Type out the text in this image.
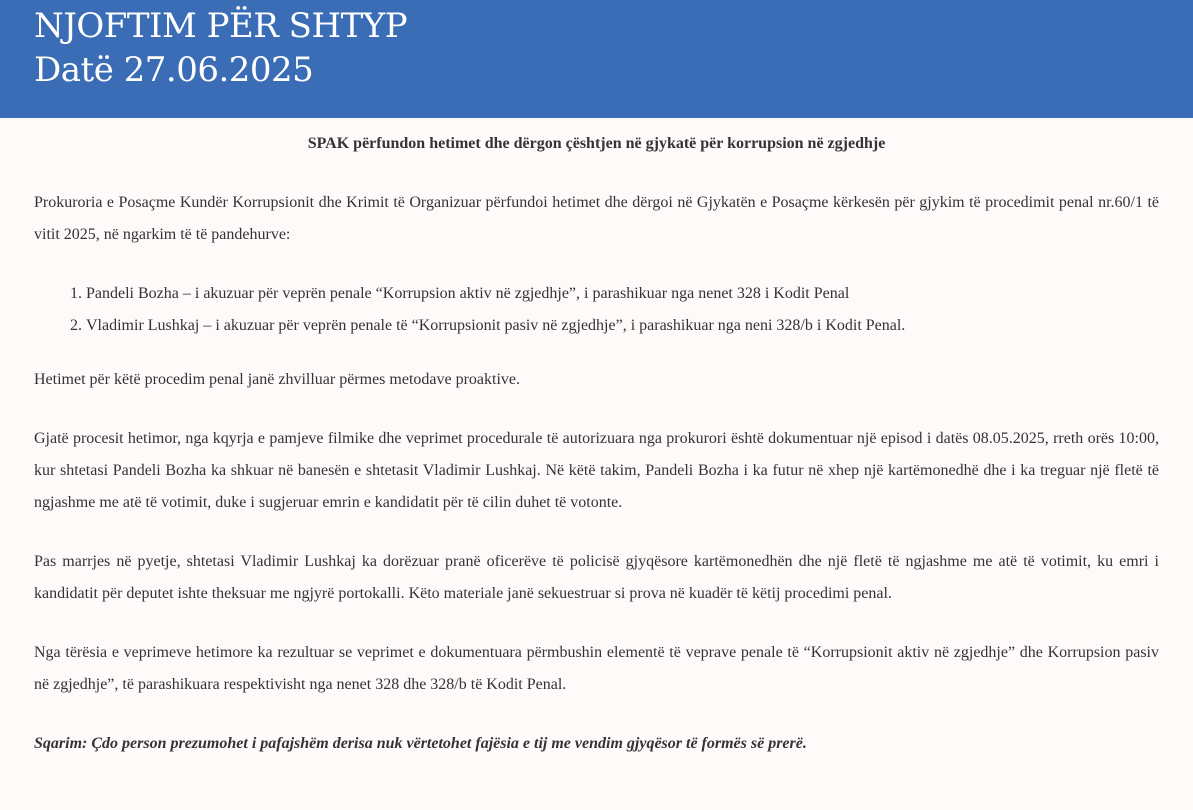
NJOFTIM PËR SHTYP
Datë 27.06.2025
SPAK përfundon hetimet dhe dërgon çështjen në gjykatë për korrupsion në zgjedhje

Prokuroria e Posaçme Kundër Korrupsionit dhe Krimit të Organizuar përfundoi hetimet dhe dërgoi në Gjykatën e Posaçme kërkesën për gjykim të procedimit penal nr.60/1 të vitit 2025, në ngarkim të të pandehurve:

1. Pandeli Bozha – i akuzuar për veprën penale “Korrupsion aktiv në zgjedhje”, i parashikuar nga nenet 328 i Kodit Penal
2. Vladimir Lushkaj – i akuzuar për veprën penale të “Korrupsionit pasiv në zgjedhje”, i parashikuar nga neni 328/b i Kodit Penal.

Hetimet për këtë procedim penal janë zhvilluar përmes metodave proaktive.

Gjatë procesit hetimor, nga kqyrja e pamjeve filmike dhe veprimet procedurale të autorizuara nga prokurori është dokumentuar një episod i datës 08.05.2025, rreth orës 10:00, kur shtetasi Pandeli Bozha ka shkuar në banesën e shtetasit Vladimir Lushkaj. Në këtë takim, Pandeli Bozha i ka futur në xhep një kartëmonedhë dhe i ka treguar një fletë të ngjashme me atë të votimit, duke i sugjeruar emrin e kandidatit për të cilin duhet të votonte.

Pas marrjes në pyetje, shtetasi Vladimir Lushkaj ka dorëzuar pranë oficerëve të policisë gjyqësore kartëmonedhën dhe një fletë të ngjashme me atë të votimit, ku emri i kandidatit për deputet ishte theksuar me ngjyrë portokalli. Këto materiale janë sekuestruar si prova në kuadër të këtij procedimi penal.

Nga tërësia e veprimeve hetimore ka rezultuar se veprimet e dokumentuara përmbushin elementë të veprave penale të “Korrupsionit aktiv në zgjedhje” dhe Korrupsion pasiv në zgjedhje”, të parashikuara respektivisht nga nenet 328 dhe 328/b të Kodit Penal.

Sqarim: Çdo person prezumohet i pafajshëm derisa nuk vërtetohet fajësia e tij me vendim gjyqësor të formës së prerë.
